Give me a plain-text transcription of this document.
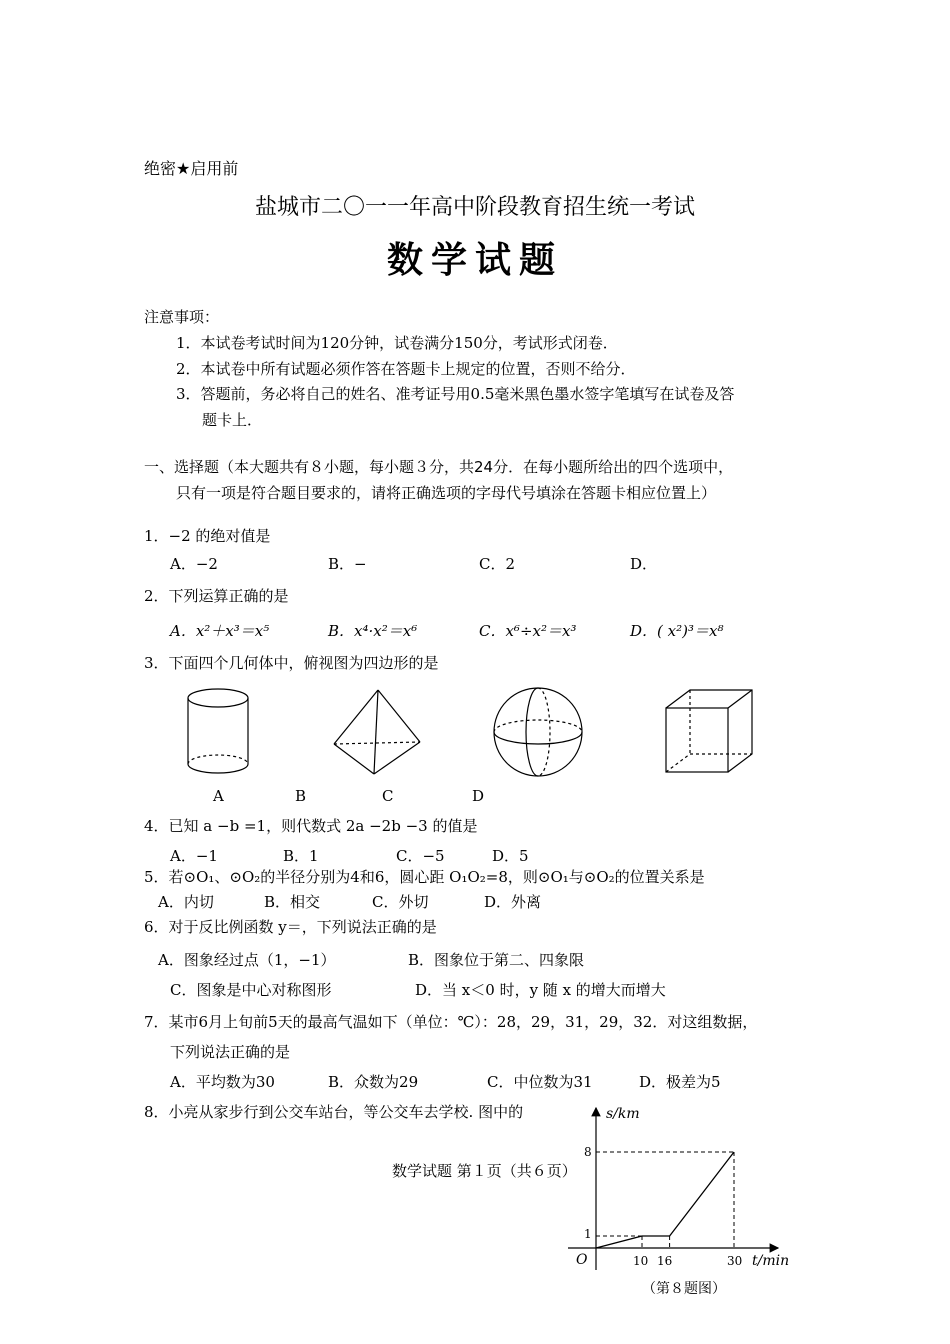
绝密★启用前
盐城市二〇一一年高中阶段教育招生统一考试
数学试题
注意事项：
1．本试卷考试时间为120分钟，试卷满分150分，考试形式闭卷．
2．本试卷中所有试题必须作答在答题卡上规定的位置，否则不给分．
3．答题前，务必将自己的姓名、准考证号用0.5毫米黑色墨水签字笔填写在试卷及答
题卡上．
一、选择题（本大题共有８小题，每小题３分，共24分．在每小题所给出的四个选项中，
只有一项是符合题目要求的，请将正确选项的字母代号填涂在答题卡相应位置上）
1．−2 的绝对值是
A．−2	B．−	C．2	D．
2．下列运算正确的是
A．x²＋x³＝x⁵	B．x⁴·x²＝x⁶	C．x⁶÷x²＝x³	D．( x²)³＝x⁸
3．下面四个几何体中，俯视图为四边形的是
A	B	C	D
4．已知 a −b =1，则代数式 2a −2b −3 的值是
A．−1	B．1	C．−5	D．5
5．若⊙O₁、⊙O₂的半径分别为4和6，圆心距 O₁O₂=8，则⊙O₁与⊙O₂的位置关系是
A．内切	B．相交	C．外切	D．外离
6．对于反比例函数 y＝，下列说法正确的是
A．图象经过点（1，−1）	B．图象位于第二、四象限
C．图象是中心对称图形	D．当 x＜0 时，y 随 x 的增大而增大
7．某市6月上旬前5天的最高气温如下（单位：℃）：28，29，31，29，32．对这组数据，
下列说法正确的是
A．平均数为30	B．众数为29	C．中位数为31	D．极差为5
8．小亮从家步行到公交车站台，等公交车去学校. 图中的
数学试题 第１页（共６页）
s/km
t/min
O
8
1
10 16	30
（第８题图）
